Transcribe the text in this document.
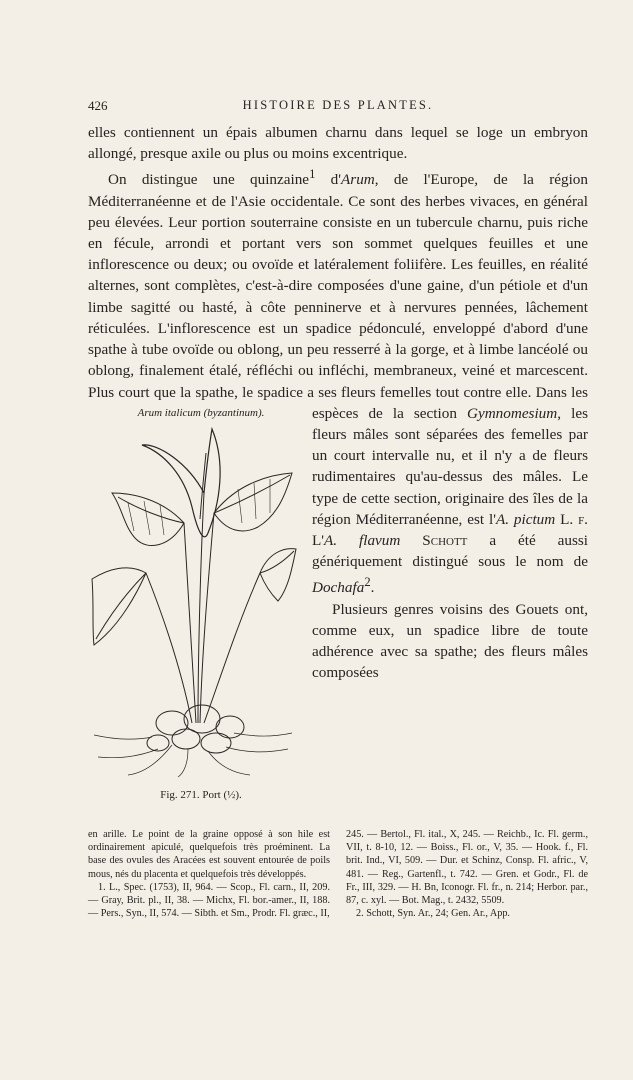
426	HISTOIRE DES PLANTES.

elles contiennent un épais albumen charnu dans lequel se loge un embryon allongé, presque axile ou plus ou moins excentrique.

On distingue une quinzaine$^1$ d'Arum, de l'Europe, de la région Méditerranéenne et de l'Asie occidentale. Ce sont des herbes vivaces, en général peu élevées. Leur portion souterraine consiste en un tubercule charnu, puis riche en fécule, arrondi et portant vers son sommet quelques feuilles et une inflorescence ou deux; ou ovoïde et latéralement foliifère. Les feuilles, en réalité alternes, sont complètes, c'est-à-dire composées d'une gaine, d'un pétiole et d'un limbe sagitté ou hasté, à côte penninerve et à nervures pennées, lâchement réticulées. L'inflorescence est un spadice pédonculé, enveloppé d'abord d'une spathe à tube ovoïde ou oblong, un peu resserré à la gorge, et à limbe lancéolé ou oblong, finalement étalé, réfléchi ou infléchi, membraneux, veiné et marcescent. Plus court que la spathe, le spadice a ses fleurs femelles tout contre elle. Dans les espèces de la section
Arum italicum (byzantinum).
Fig. 271. Port (½).
Gymnomesium, les fleurs mâles sont séparées des femelles par un court intervalle nu, et il n'y a de fleurs rudimentaires qu'au-dessus des mâles. Le type de cette section, originaire des îles de la région Méditerranéenne, est l'A. pictum L. f. L'A. flavum Schott a été aussi génériquement distingué sous le nom de Dochafa$^2$.

Plusieurs genres voisins des Gouets ont, comme eux, un spadice libre de toute adhérence avec sa spathe; des fleurs mâles composées

en arille. Le point de la graine opposé à son hile est ordinairement apiculé, quelquefois très proéminent. La base des ovules des Aracées est souvent entourée de poils mous, nés du placenta et quelquefois très développés.

1. L., Spec. (1753), II, 964. — Scop., Fl. carn., II, 209. — Gray, Brit. pl., II, 38. — Michx, Fl. bor.-amer., II, 188. — Pers., Syn., II, 574. — Sibth. et Sm., Prodr. Fl. græc., II,

245. — Bertol., Fl. ital., X, 245. — Reichb., Ic. Fl. germ., VII, t. 8-10, 12. — Boiss., Fl. or., V, 35. — Hook. f., Fl. brit. Ind., VI, 509. — Dur. et Schinz, Consp. Fl. afric., V, 481. — Reg., Gartenfl., t. 742. — Gren. et Godr., Fl. de Fr., III, 329. — H. Bn, Iconogr. Fl. fr., n. 214; Herbor. par., 87, c. xyl. — Bot. Mag., t. 2432, 5509.

2. Schott, Syn. Ar., 24; Gen. Ar., App.
